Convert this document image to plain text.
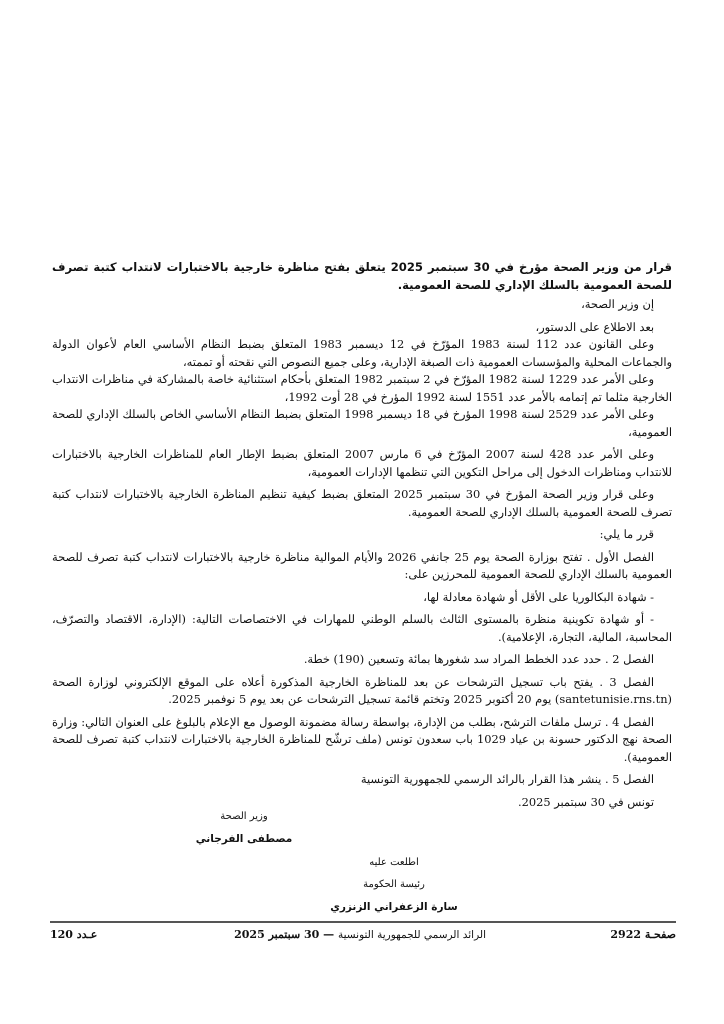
قرار من وزير الصحة مؤرخ في 30 سبتمبر 2025 يتعلق بفتح مناظرة خارجية بالاختبارات لانتداب كتبة تصرف للصحة العمومية بالسلك الإداري للصحة العمومية.

إن وزير الصحة،

بعد الاطلاع على الدستور،

وعلى القانون عدد 112 لسنة 1983 المؤرّخ في 12 ديسمبر 1983 المتعلق بضبط النظام الأساسي العام لأعوان الدولة والجماعات المحلية والمؤسسات العمومية ذات الصبغة الإدارية، وعلى جميع النصوص التي نقحته أو تممته،

وعلى الأمر عدد 1229 لسنة 1982 المؤرّخ في 2 سبتمبر 1982 المتعلق بأحكام استثنائية خاصة بالمشاركة في مناظرات الانتداب الخارجية مثلما تم إتمامه بالأمر عدد 1551 لسنة 1992 المؤرخ في 28 أوت 1992،

وعلى الأمر عدد 2529 لسنة 1998 المؤرخ في 18 ديسمبر 1998 المتعلق بضبط النظام الأساسي الخاص بالسلك الإداري للصحة العمومية،

وعلى الأمر عدد 428 لسنة 2007 المؤرّخ في 6 مارس 2007 المتعلق بضبط الإطار العام للمناظرات الخارجية بالاختبارات للانتداب ومناظرات الدخول إلى مراحل التكوين التي تنظمها الإدارات العمومية،

وعلى قرار وزير الصحة المؤرخ في 30 سبتمبر 2025 المتعلق بضبط كيفية تنظيم المناظرة الخارجية بالاختبارات لانتداب كتبة تصرف للصحة العمومية بالسلك الإداري للصحة العمومية.

قرر ما يلي:

الفصل الأول . تفتح بوزارة الصحة يوم 25 جانفي 2026 والأيام الموالية مناظرة خارجية بالاختبارات لانتداب كتبة تصرف للصحة العمومية بالسلك الإداري للصحة العمومية للمحرزين على:

- شهادة البكالوريا على الأقل أو شهادة معادلة لها،

- أو شهادة تكوينية منظرة بالمستوى الثالث بالسلم الوطني للمهارات في الاختصاصات التالية: (الإدارة، الاقتصاد والتصرّف، المحاسبة، المالية، التجارة، الإعلامية).

الفصل 2 . حدد عدد الخطط المراد سد شغورها بمائة وتسعين (190) خطة.

الفصل 3 . يفتح باب تسجيل الترشحات عن بعد للمناظرة الخارجية المذكورة أعلاه على الموقع الإلكتروني لوزارة الصحة (santetunisie.rns.tn) يوم 20 أكتوبر 2025 وتختم قائمة تسجيل الترشحات عن بعد يوم 5 نوفمبر 2025.

الفصل 4 . ترسل ملفات الترشح، بطلب من الإدارة، بواسطة رسالة مضمونة الوصول مع الإعلام بالبلوغ على العنوان التالي: وزارة الصحة نهج الدكتور حسونة بن عياد 1029 باب سعدون تونس (ملف ترشّح للمناظرة الخارجية بالاختبارات لانتداب كتبة تصرف للصحة العمومية).

الفصل 5 . ينشر هذا القرار بالرائد الرسمي للجمهورية التونسية

تونس في 30 سبتمبر 2025.

وزير الصحة
مصطفى الفرجاني
اطلعت عليه
رئيسة الحكومة
سارة الزعفراني الزنزري
صفحـة 2922
الرائد الرسمي للجمهورية التونسية — 30 سبتمبر 2025
عـدد 120
